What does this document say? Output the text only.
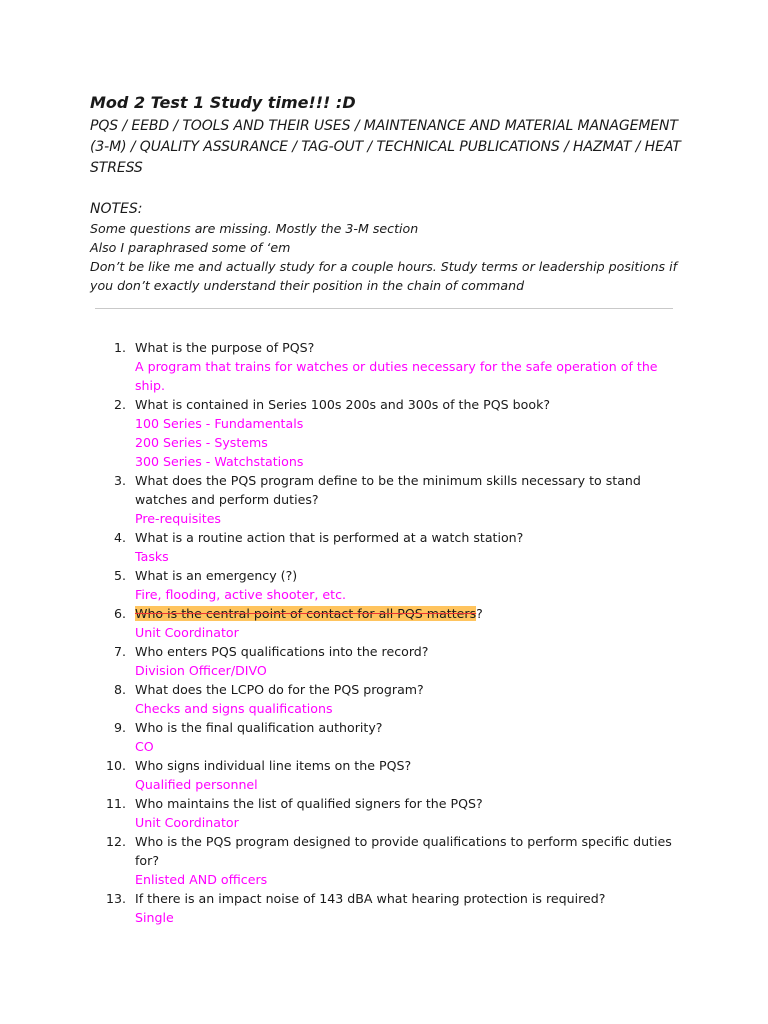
Mod 2 Test 1 Study time!!! :D

PQS / EEBD / TOOLS AND THEIR USES / MAINTENANCE AND MATERIAL MANAGEMENT (3-M) / QUALITY ASSURANCE / TAG-OUT / TECHNICAL PUBLICATIONS / HAZMAT / HEAT STRESS

NOTES:

Some questions are missing. Mostly the 3-M section

Also I paraphrased some of ‘em

Don’t be like me and actually study for a couple hours. Study terms or leadership positions if you don’t exactly understand their position in the chain of command

1. What is the purpose of PQS?

A program that trains for watches or duties necessary for the safe operation of the ship.

2. What is contained in Series 100s 200s and 300s of the PQS book?

100 Series - Fundamentals

200 Series - Systems

300 Series - Watchstations

3. What does the PQS program define to be the minimum skills necessary to stand watches and perform duties?

Pre-requisites

4. What is a routine action that is performed at a watch station?

Tasks

5. What is an emergency (?)

Fire, flooding, active shooter, etc.

6. Who is the central point of contact for all PQS matters?

Unit Coordinator

7. Who enters PQS qualifications into the record?

Division Officer/DIVO

8. What does the LCPO do for the PQS program?

Checks and signs qualifications

9. Who is the final qualification authority?

CO

10. Who signs individual line items on the PQS?

Qualified personnel

11. Who maintains the list of qualified signers for the PQS?

Unit Coordinator

12. Who is the PQS program designed to provide qualifications to perform specific duties for?

Enlisted AND officers

13. If there is an impact noise of 143 dBA what hearing protection is required?

Single
